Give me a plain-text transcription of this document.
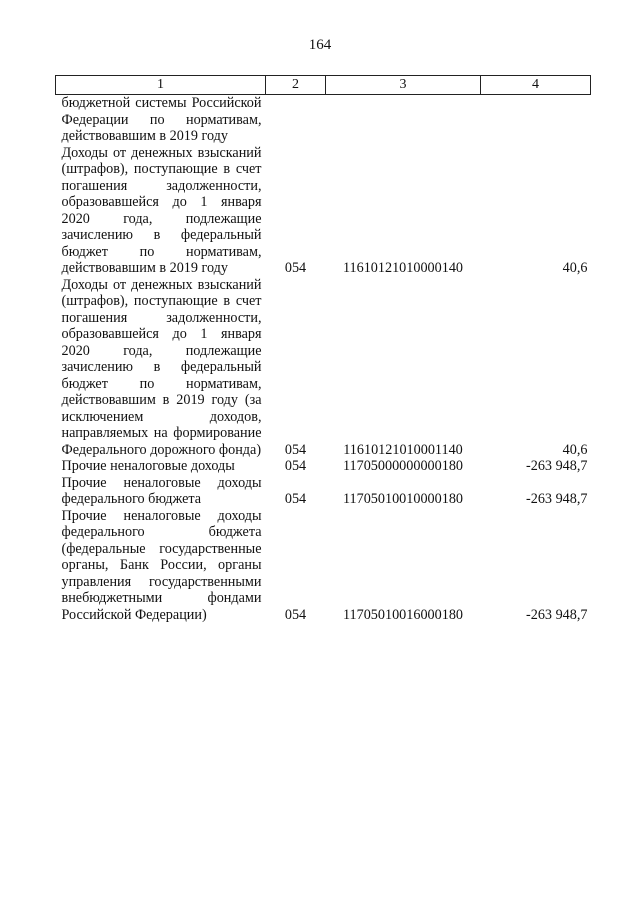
164
1	2	3	4
бюджетной системы Российской Федерации по нормативам, действовавшим в 2019 году			
Доходы от денежных взысканий (штрафов), поступающие в счет погашения задолженности, образовавшейся до 1 января 2020 года, подлежащие зачислению в федеральный бюджет по нормативам, действовавшим в 2019 году	054	11610121010000140	40,6
Доходы от денежных взысканий (штрафов), поступающие в счет погашения задолженности, образовавшейся до 1 января 2020 года, подлежащие зачислению в федеральный бюджет по нормативам, действовавшим в 2019 году (за исключением доходов, направляемых на формирование Федерального дорожного фонда)	054	11610121010001140	40,6
Прочие неналоговые доходы	054	11705000000000180	-263 948,7
Прочие неналоговые доходы федерального бюджета	054	11705010010000180	-263 948,7
Прочие неналоговые доходы федерального бюджета (федеральные государственные органы, Банк России, органы управления государственными внебюджетными фондами Российской Федерации)	054	11705010016000180	-263 948,7
